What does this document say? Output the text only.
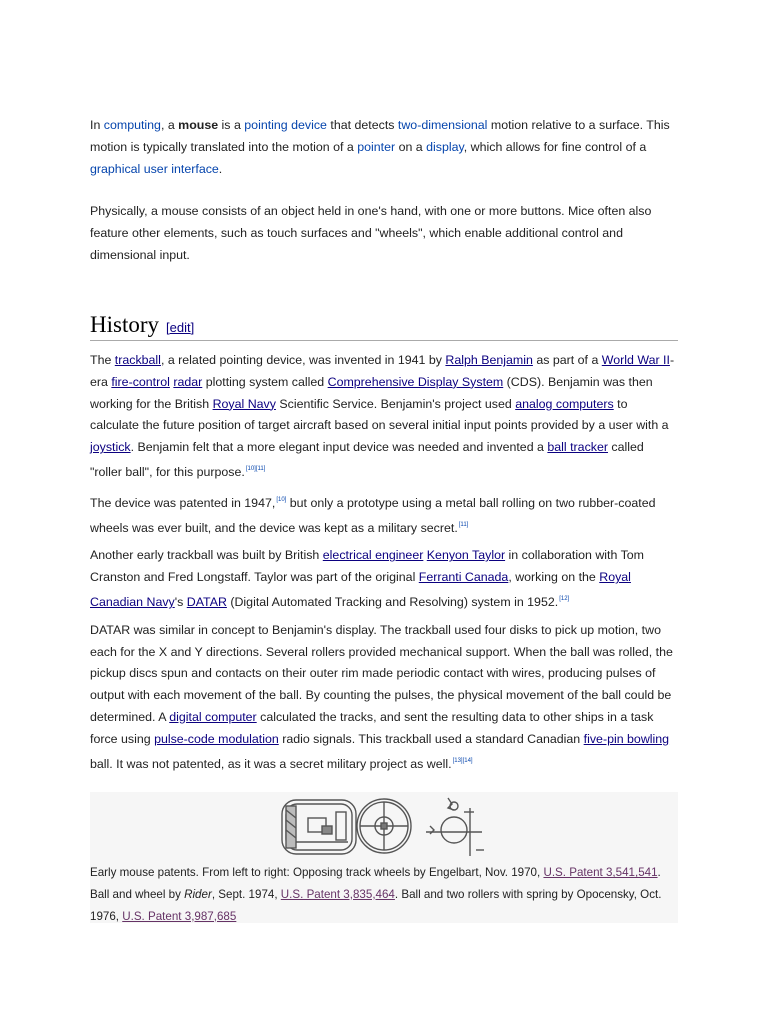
In computing, a mouse is a pointing device that detects two-dimensional motion relative to a surface. This motion is typically translated into the motion of a pointer on a display, which allows for fine control of a graphical user interface.

Physically, a mouse consists of an object held in one's hand, with one or more buttons. Mice often also feature other elements, such as touch surfaces and "wheels", which enable additional control and dimensional input.

History [edit]

The trackball, a related pointing device, was invented in 1941 by Ralph Benjamin as part of a World War II-era fire-control radar plotting system called Comprehensive Display System (CDS). Benjamin was then working for the British Royal Navy Scientific Service. Benjamin's project used analog computers to calculate the future position of target aircraft based on several initial input points provided by a user with a joystick. Benjamin felt that a more elegant input device was needed and invented a ball tracker called "roller ball", for this purpose.[10][11]

The device was patented in 1947,[10] but only a prototype using a metal ball rolling on two rubber-coated wheels was ever built, and the device was kept as a military secret.[11]

Another early trackball was built by British electrical engineer Kenyon Taylor in collaboration with Tom Cranston and Fred Longstaff. Taylor was part of the original Ferranti Canada, working on the Royal Canadian Navy's DATAR (Digital Automated Tracking and Resolving) system in 1952.[12]

DATAR was similar in concept to Benjamin's display. The trackball used four disks to pick up motion, two each for the X and Y directions. Several rollers provided mechanical support. When the ball was rolled, the pickup discs spun and contacts on their outer rim made periodic contact with wires, producing pulses of output with each movement of the ball. By counting the pulses, the physical movement of the ball could be determined. A digital computer calculated the tracks, and sent the resulting data to other ships in a task force using pulse-code modulation radio signals. This trackball used a standard Canadian five-pin bowling ball. It was not patented, as it was a secret military project as well.[13][14]

Early mouse patents. From left to right: Opposing track wheels by Engelbart, Nov. 1970, U.S. Patent 3,541,541. Ball and wheel by Rider, Sept. 1974, U.S. Patent 3,835,464. Ball and two rollers with spring by Opocensky, Oct. 1976, U.S. Patent 3,987,685
